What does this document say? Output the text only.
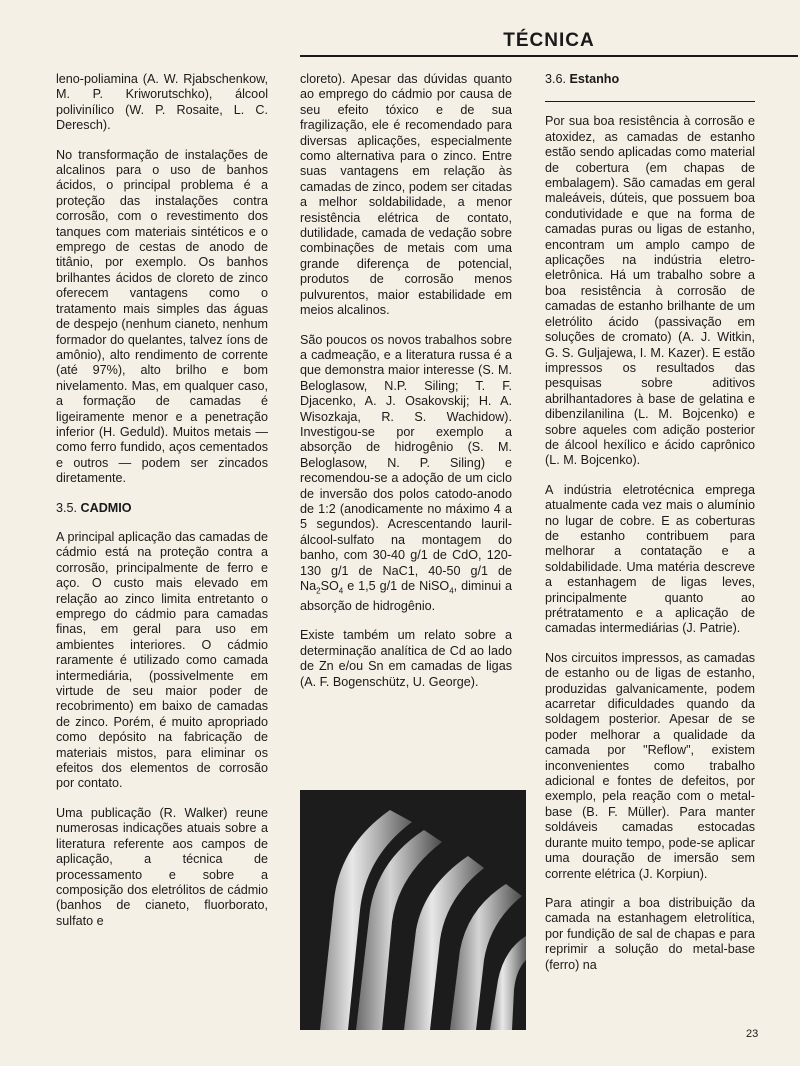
TÉCNICA

leno-poliamina (A. W. Rjabschenkow, M. P. Kriworutschko), álcool polivinílico (W. P. Rosaite, L. C. Deresch).

No transformação de instalações de alcalinos para o uso de banhos ácidos, o principal problema é a proteção das instalações contra corrosão, com o revestimento dos tanques com materiais sintéticos e o emprego de cestas de anodo de titânio, por exemplo. Os banhos brilhantes ácidos de cloreto de zinco oferecem vantagens como o tratamento mais simples das águas de despejo (nenhum cianeto, nenhum formador do quelantes, talvez íons de amônio), alto rendimento de corrente (até 97%), alto brilho e bom nivelamento. Mas, em qualquer caso, a formação de camadas é ligeiramente menor e a penetração inferior (H. Geduld). Muitos metais — como ferro fundido, aços cementados e outros — podem ser zincados diretamente.

3.5. CADMIO

A principal aplicação das camadas de cádmio está na proteção contra a corrosão, principalmente de ferro e aço. O custo mais elevado em relação ao zinco limita entretanto o emprego do cádmio para camadas finas, em geral para uso em ambientes interiores. O cádmio raramente é utilizado como camada intermediária, (possivelmente em virtude de seu maior poder de recobrimento) em baixo de camadas de zinco. Porém, é muito apropriado como depósito na fabricação de materiais mistos, para eliminar os efeitos dos elementos de corrosão por contato.

Uma publicação (R. Walker) reune numerosas indicações atuais sobre a literatura referente aos campos de aplicação, a técnica de processamento e sobre a composição dos eletrólitos de cádmio (banhos de cianeto, fluorborato, sulfato e

cloreto). Apesar das dúvidas quanto ao emprego do cádmio por causa de seu efeito tóxico e de sua fragilização, ele é recomendado para diversas aplicações, especialmente como alternativa para o zinco. Entre suas vantagens em relação às camadas de zinco, podem ser citadas a melhor soldabilidade, a menor resistência elétrica de contato, dutilidade, camada de vedação sobre combinações de metais com uma grande diferença de potencial, produtos de corrosão menos pulvurentos, maior estabilidade em meios alcalinos.

São poucos os novos trabalhos sobre a cadmeação, e a literatura russa é a que demonstra maior interesse (S. M. Beloglasow, N.P. Siling; T. F. Djacenko, A. J. Osakovskij; H. A. Wisozkaja, R. S. Wachidow). Investigou-se por exemplo a absorção de hidrogênio (S. M. Beloglasow, N. P. Siling) e recomendou-se a adoção de um ciclo de inversão dos polos catodo-anodo de 1:2 (anodicamente no máximo 4 a 5 segundos). Acrescentando lauril-álcool-sulfato na montagem do banho, com 30-40 g/1 de CdO, 120-130 g/1 de NaC1, 40-50 g/1 de $Na_2SO_4$ e 1,5 g/1 de NiSO$_4$, diminui a absorção de hidrogênio.

Existe também um relato sobre a determinação analítica de Cd ao lado de Zn e/ou Sn em camadas de ligas (A. F. Bogenschütz, U. George).

3.6. Estanho

Por sua boa resistência à corrosão e atoxidez, as camadas de estanho estão sendo aplicadas como material de cobertura (em chapas de embalagem). São camadas em geral maleáveis, dúteis, que possuem boa condutividade e que na forma de camadas puras ou ligas de estanho, encontram um amplo campo de aplicações na indústria eletro-eletrônica. Há um trabalho sobre a boa resistência à corrosão de camadas de estanho brilhante de um eletrólito ácido (passivação em soluções de cromato) (A. J. Witkin, G. S. Guljajewa, I. M. Kazer). E estão impressos os resultados das pesquisas sobre aditivos abrilhantadores à base de gelatina e dibenzilanilina (L. M. Bojcenko) e sobre aqueles com adição posterior de álcool hexílico e ácido caprônico (L. M. Bojcenko).

A indústria eletrotécnica emprega atualmente cada vez mais o alumínio no lugar de cobre. E as coberturas de estanho contribuem para melhorar a contatação e a soldabilidade. Uma matéria descreve a estanhagem de ligas leves, principalmente quanto ao prétratamento e a aplicação de camadas intermediárias (J. Patrie).

Nos circuitos impressos, as camadas de estanho ou de ligas de estanho, produzidas galvanicamente, podem acarretar dificuldades quando da soldagem posterior. Apesar de se poder melhorar a qualidade da camada por "Reflow", existem inconvenientes como trabalho adicional e fontes de defeitos, por exemplo, pela reação com o metal-base (B. F. Müller). Para manter soldáveis camadas estocadas durante muito tempo, pode-se aplicar uma douração de imersão sem corrente elétrica (J. Korpiun).

Para atingir a boa distribuição da camada na estanhagem eletrolítica, por fundição de sal de chapas e para reprimir a solução do metal-base (ferro) na

23
